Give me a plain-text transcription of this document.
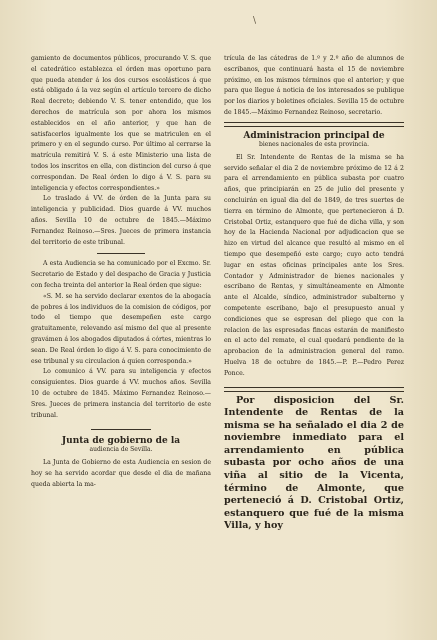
\

gamiento de documentos públicos, procurando V. S. que el catedrático establezca el órden mas oportuno para que pueda atender á los dos cursos escolásticos á que está obligado á la vez según el artículo tercero de dicho Real decreto; debiendo V. S. tener entendido, que los derechos de matrícula son por ahora los mismos establecidos en el año anterior, y que han de satisfacerlos igualmente los que se matriculen en el primero y en el segundo curso. Por último al cerrarse la matrícula remitirá V. S. á este Ministerio una lista de todos los inscritos en ella, con distincion del curso á que correspondan. De Real órden lo digo á V. S. para su inteligencia y efectos correspondientes.»

Lo traslado á VV. de órden de la Junta para su inteligencia y publicidad. Dios guarde á VV. muchos años. Sevilla 10 de octubre de 1845.—Máximo Fernandez Reinoso.—Sres. Jueces de primera instancia del territorio de este tribunal.

A esta Audiencia se ha comunicado por el Excmo. Sr. Secretario de Estado y del despacho de Gracia y Justicia con fecha treinta del anterior la Real órden que sigue:

«S. M. se ha servido declarar exentos de la abogacía de pobres á los individuos de la comision de códigos, por todo el tiempo que desempeñen este cargo gratuitamente, relevando así mismo del que al presente gravámen á los abogados diputados á córtes, mientras lo sean. De Real órden lo digo á V. S. para conocimiento de ese tribunal y su circulacion á quien corresponda.»

Lo comunico á VV. para su inteligencia y efectos consiguientes. Dios guarde á VV. muchos años. Sevilla 10 de octubre de 1845. Máximo Fernandez Reinoso.—Sres. Jueces de primera instancia del territorio de este tribunal.

Junta de gobierno de la
audiencia de Sevilla.

La Junta de Gobierno de esta Audiencia en sesion de hoy se ha servido acordar que desde el dia de mañana queda abierta la ma-

trícula de las cátedras de 1.º y 2.º año de alumnos de escribanos, que continuará hasta el 15 de noviembre próximo, en los mismos términos que el anterior; y que para que llegue á noticia de los interesados se publique por los diarios y boletines oficiales. Sevilla 15 de octubre de 1845.—Máximo Fernandez Reinoso, secretario.

Administracion principal de
bienes nacionales de esta provincia.

El Sr. Intendente de Rentas de la misma se ha servido señalar el dia 2 de noviembre próximo de 12 á 2 para el arrendamiento en pública subasta por cuatro años, que principiarán en 25 de julio del presente y concluirán en igual dia del de 1849, de tres suertes de tierra en término de Almonte, que pertenecieron á D. Cristobal Ortiz, estanquero que fué de dicha villa, y son hoy de la Hacienda Nacional por adjudicacion que se hizo en virtud del alcance que resultó al mismo en el tiempo que desempeñó este cargo; cuyo acto tendrá lugar en estas oficinas principales ante los Sres. Contador y Administrador de bienes nacionales y escribano de Rentas, y simultáneamente en Almonte ante el Alcalde, síndico, administrador subalterno y competente escribano, bajo el presupuesto anual y condiciones que se espresan del pliego que con la relacion de las espresadas fincas estarán de manifiesto en el acto del remate, el cual quedará pendiente de la aprobacion de la administracion general del ramo. Huelva 18 de octubre de 1845.—P. P.—Pedro Perez Ponce.

Por disposicion del Sr. Intendente de Rentas de la misma se ha señalado el dia 2 de noviembre inmediato para el arrendamiento en pública subasta por ocho años de una viña al sitio de la Vicenta, término de Almonte, que perteneció á D. Cristobal Ortiz, estanquero que fué de la misma Villa, y hoy
